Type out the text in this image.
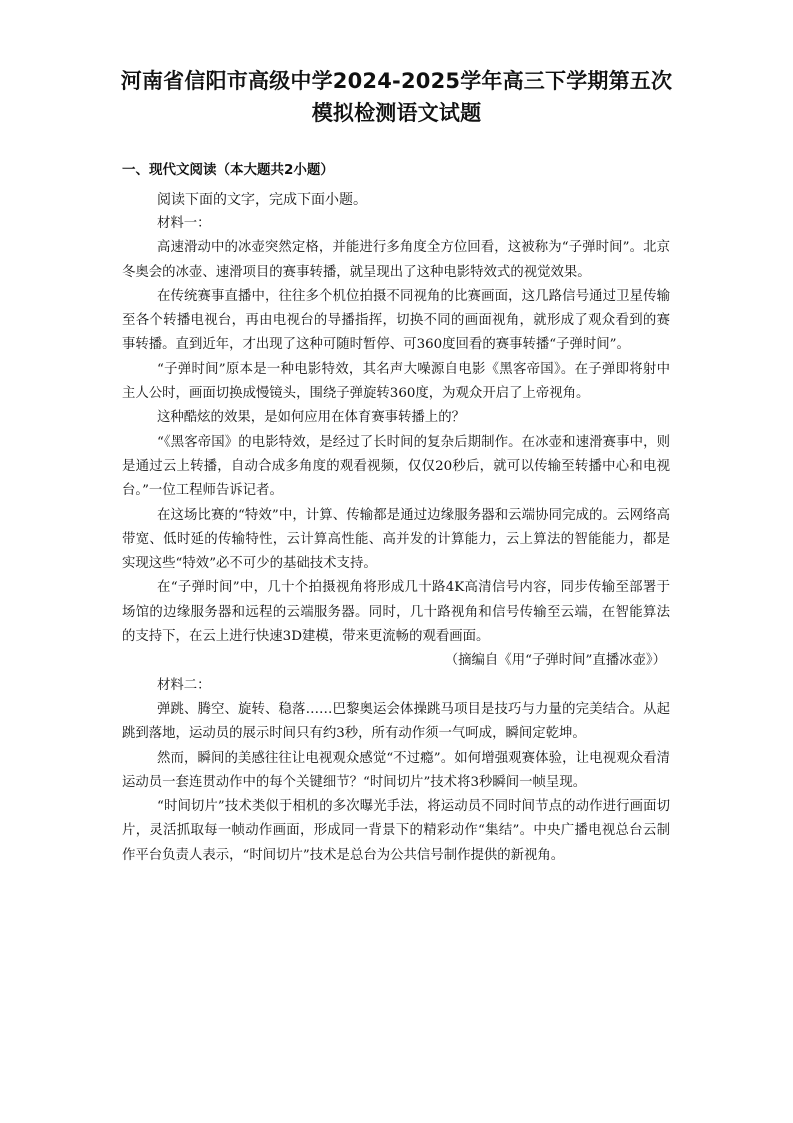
河南省信阳市高级中学2024-2025学年高三下学期第五次
模拟检测语文试题
一、现代文阅读（本大题共2小题）
阅读下面的文字，完成下面小题。

材料一：

高速滑动中的冰壶突然定格，并能进行多角度全方位回看，这被称为“子弹时间”。北京冬奥会的冰壶、速滑项目的赛事转播，就呈现出了这种电影特效式的视觉效果。

在传统赛事直播中，往往多个机位拍摄不同视角的比赛画面，这几路信号通过卫星传输至各个转播电视台，再由电视台的导播指挥，切换不同的画面视角，就形成了观众看到的赛事转播。直到近年，才出现了这种可随时暂停、可360度回看的赛事转播“子弹时间”。

“子弹时间”原本是一种电影特效，其名声大噪源自电影《黑客帝国》。在子弹即将射中主人公时，画面切换成慢镜头，围绕子弹旋转360度，为观众开启了上帝视角。

这种酷炫的效果，是如何应用在体育赛事转播上的？

“《黑客帝国》的电影特效，是经过了长时间的复杂后期制作。在冰壶和速滑赛事中，则是通过云上转播，自动合成多角度的观看视频，仅仅20秒后，就可以传输至转播中心和电视台。”一位工程师告诉记者。

在这场比赛的“特效”中，计算、传输都是通过边缘服务器和云端协同完成的。云网络高带宽、低时延的传输特性，云计算高性能、高并发的计算能力，云上算法的智能能力，都是实现这些“特效”必不可少的基础技术支持。

在“子弹时间”中，几十个拍摄视角将形成几十路4K高清信号内容，同步传输至部署于场馆的边缘服务器和远程的云端服务器。同时，几十路视角和信号传输至云端，在智能算法的支持下，在云上进行快速3D建模，带来更流畅的观看画面。

（摘编自《用“子弹时间”直播冰壶》）

材料二：

弹跳、腾空、旋转、稳落……巴黎奥运会体操跳马项目是技巧与力量的完美结合。从起跳到落地，运动员的展示时间只有约3秒，所有动作须一气呵成，瞬间定乾坤。

然而，瞬间的美感往往让电视观众感觉“不过瘾”。如何增强观赛体验，让电视观众看清运动员一套连贯动作中的每个关键细节？“时间切片”技术将3秒瞬间一帧呈现。

“时间切片”技术类似于相机的多次曝光手法，将运动员不同时间节点的动作进行画面切片，灵活抓取每一帧动作画面，形成同一背景下的精彩动作“集结”。中央广播电视总台云制作平台负责人表示，“时间切片”技术是总台为公共信号制作提供的新视角。
